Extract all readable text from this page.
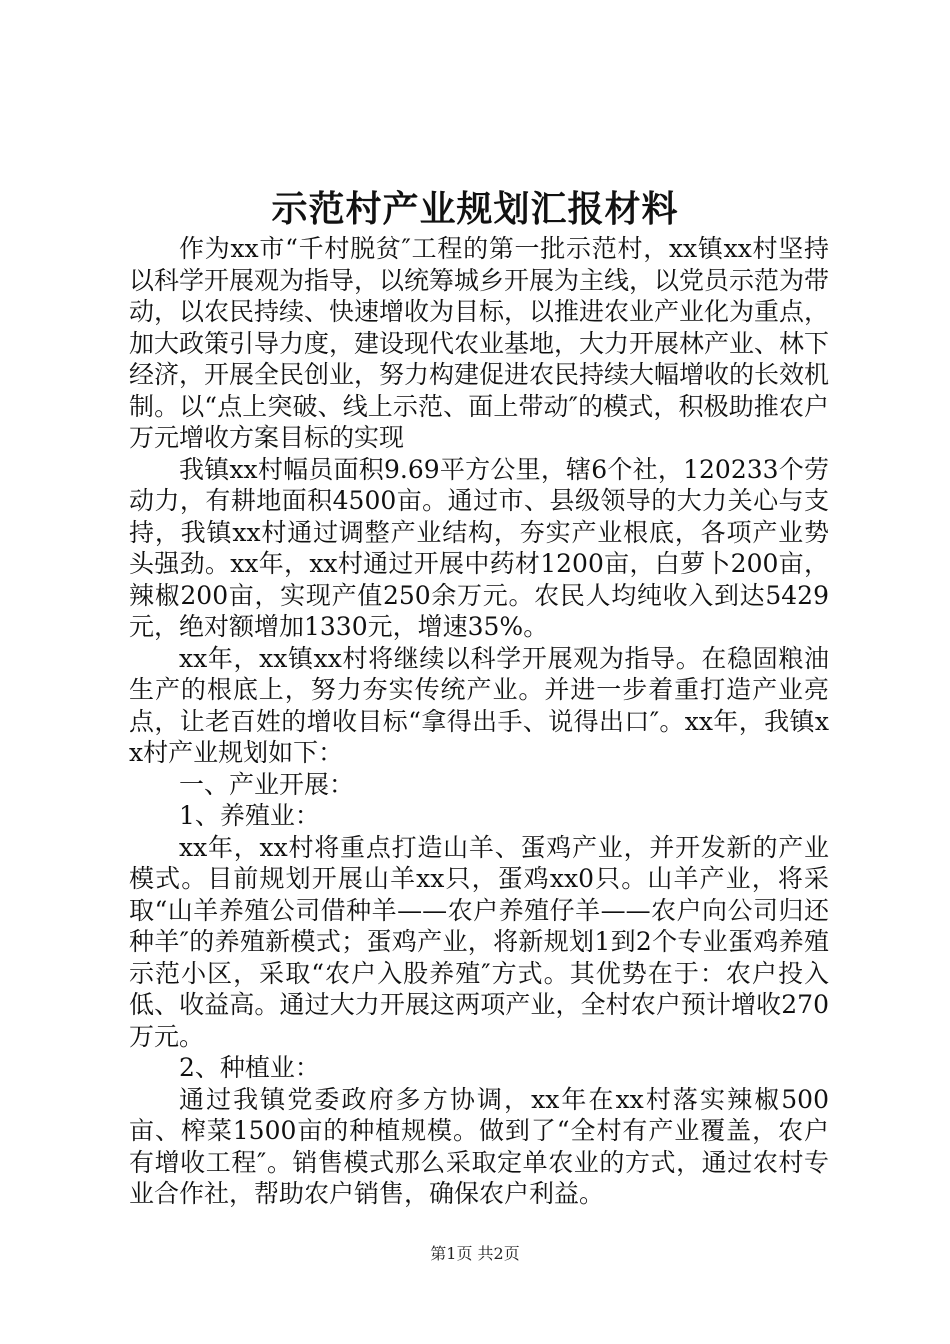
示范村产业规划汇报材料

作为xx市“千村脱贫″工程的第一批示范村，xx镇xx村坚持以科学开展观为指导，以统筹城乡开展为主线，以党员示范为带动，以农民持续、快速增收为目标，以推进农业产业化为重点，加大政策引导力度，建设现代农业基地，大力开展林产业、林下经济，开展全民创业，努力构建促进农民持续大幅增收的长效机制。以“点上突破、线上示范、面上带动″的模式，积极助推农户万元增收方案目标的实现

我镇xx村幅员面积9.69平方公里，辖6个社，120233个劳动力，有耕地面积4500亩。通过市、县级领导的大力关心与支持，我镇xx村通过调整产业结构，夯实产业根底，各项产业势头强劲。xx年，xx村通过开展中药材1200亩，白萝卜200亩，辣椒200亩，实现产值250余万元。农民人均纯收入到达5429元，绝对额增加1330元，增速35%。

xx年，xx镇xx村将继续以科学开展观为指导。在稳固粮油生产的根底上，努力夯实传统产业。并进一步着重打造产业亮点，让老百姓的增收目标“拿得出手、说得出口″。xx年，我镇xx村产业规划如下：

一、产业开展：

1、养殖业：

xx年，xx村将重点打造山羊、蛋鸡产业，并开发新的产业模式。目前规划开展山羊xx只，蛋鸡xx0只。山羊产业，将采取“山羊养殖公司借种羊——农户养殖仔羊——农户向公司归还种羊″的养殖新模式；蛋鸡产业，将新规划1到2个专业蛋鸡养殖示范小区，采取“农户入股养殖″方式。其优势在于：农户投入低、收益高。通过大力开展这两项产业，全村农户预计增收270万元。

2、种植业：

通过我镇党委政府多方协调，xx年在xx村落实辣椒500亩、榨菜1500亩的种植规模。做到了“全村有产业覆盖，农户有增收工程″。销售模式那么采取定单农业的方式，通过农村专业合作社，帮助农户销售，确保农户利益。

第1页 共2页
